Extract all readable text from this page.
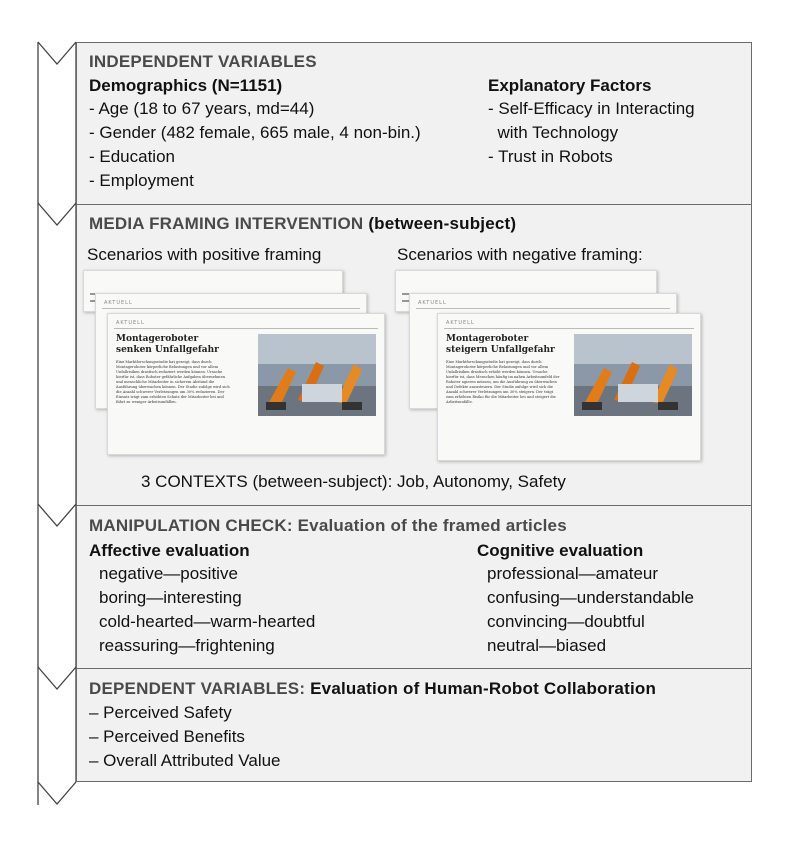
INDEPENDENT VARIABLES
Demographics (N=1151)
- Age (18 to 67 years, md=44)
- Gender (482 female, 665 male, 4 non-bin.)
- Education
- Employment
Explanatory Factors
- Self-Efficacy in Interacting
with Technology
- Trust in Robots
MEDIA FRAMING INTERVENTION (between-subject)
Scenarios with positive framing	Scenarios with negative framing:
AKTUELL
AKTUELL
Montageroboter senken Unfallgefahr
Eine Marktforschungsstudie hat gezeigt, dass durch Montageroboter körperliche Belastungen und vor allem Unfallrisiken drastisch reduziert werden können. Ursache hierfür ist, dass Roboter gefährliche Aufgaben übernehmen und menschliche Mitarbeiter in sicherem Abstand die Ausführung überwachen können. Der Studie zufolge wird sich die Anzahl schwerer Verletzungen um 30% reduzieren. Der Einsatz trägt zum erhöhten Schutz der Mitarbeiter bei und führt zu weniger Arbeitsunfällen.
AKTUELL
AKTUELL
Montageroboter steigern Unfallgefahr
Eine Marktforschungsstudie hat gezeigt, dass durch Montageroboter körperliche Belastungen und vor allem Unfallrisiken drastisch erhöht werden können. Ursache hierfür ist, dass Menschen häufig im nahen Arbeitsumfeld der Roboter agieren müssen, um die Ausführung zu überwachen und Defekte anzusteuern. Der Studie zufolge wird sich die Anzahl schwerer Verletzungen um 30% steigern. Der trägt zum erhöhten Risiko für die Mitarbeiter bei und steigert die Arbeitsunfälle.
3 CONTEXTS (between-subject): Job, Autonomy, Safety
MANIPULATION CHECK: Evaluation of the framed articles
Affective evaluation
negative—positive
boring—interesting
cold-hearted—warm-hearted
reassuring—frightening
Cognitive evaluation
professional—amateur
confusing—understandable
convincing—doubtful
neutral—biased
DEPENDENT VARIABLES: Evaluation of Human-Robot Collaboration
– Perceived Safety
– Perceived Benefits
– Overall Attributed Value
